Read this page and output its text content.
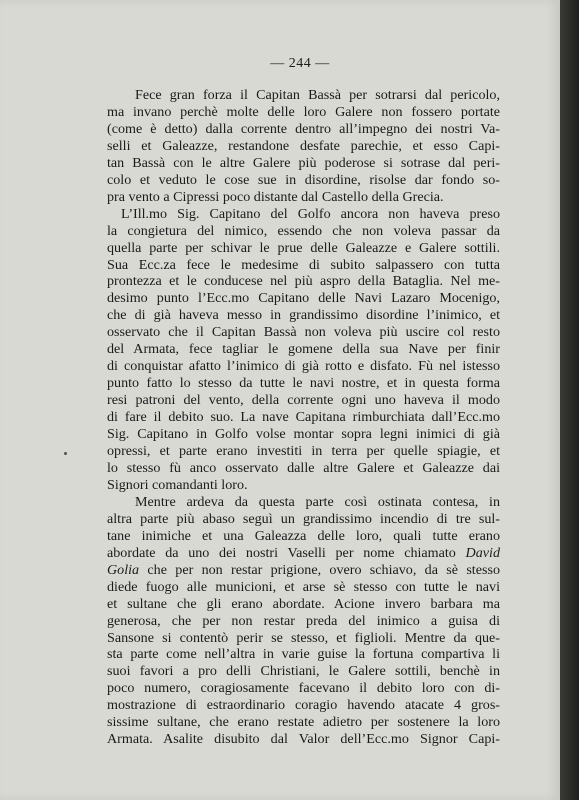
— 244 —

Fece gran forza il Capitan Bassà per sotrarsi dal pericolo,
ma invano perchè molte delle loro Galere non fossero portate
(come è detto) dalla corrente dentro all’impegno dei nostri Va-
selli et Galeazze, restandone desfate parechie, et esso Capi-
tan Bassà con le altre Galere più poderose si sotrase dal peri-
colo et veduto le cose sue in disordine, risolse dar fondo so-
pra vento a Cipressi poco distante dal Castello della Grecia.

L’Ill.mo Sig. Capitano del Golfo ancora non haveva preso
la congietura del nimico, essendo che non voleva passar da
quella parte per schivar le prue delle Galeazze e Galere sottili.
Sua Ecc.za fece le medesime di subito salpassero con tutta
prontezza et le conducese nel più aspro della Bataglia. Nel me-
desimo punto l’Ecc.mo Capitano delle Navi Lazaro Mocenigo,
che di già haveva messo in grandissimo disordine l’inimico, et
osservato che il Capitan Bassà non voleva più uscire col resto
del Armata, fece tagliar le gomene della sua Nave per finir
di conquistar afatto l’inimico di già rotto e disfato. Fù nel istesso
punto fatto lo stesso da tutte le navi nostre, et in questa forma
resi patroni del vento, della corrente ogni uno haveva il modo
di fare il debito suo. La nave Capitana rimburchiata dall’Ecc.mo
Sig. Capitano in Golfo volse montar sopra legni inimici di già
opressi, et parte erano investiti in terra per quelle spiagie, et
lo stesso fù anco osservato dalle altre Galere et Galeazze dai
Signori comandanti loro.

Mentre ardeva da questa parte così ostinata contesa, in
altra parte più abaso seguì un grandissimo incendio di tre sul-
tane inimiche et una Galeazza delle loro, quali tutte erano
abordate da uno dei nostri Vaselli per nome chiamato David
Golia che per non restar prigione, overo schiavo, da sè stesso
diede fuogo alle municioni, et arse sè stesso con tutte le navi
et sultane che gli erano abordate. Acione invero barbara ma
generosa, che per non restar preda del inimico a guisa di
Sansone si contentò perir se stesso, et figlioli. Mentre da que-
sta parte come nell’altra in varie guise la fortuna compartiva li
suoi favori a pro delli Christiani, le Galere sottili, benchè in
poco numero, coragiosamente facevano il debito loro con di-
mostrazione di estraordinario coragio havendo atacate 4 gros-
sissime sultane, che erano restate adietro per sostenere la loro
Armata. Asalite disubito dal Valor dell’Ecc.mo Signor Capi-
